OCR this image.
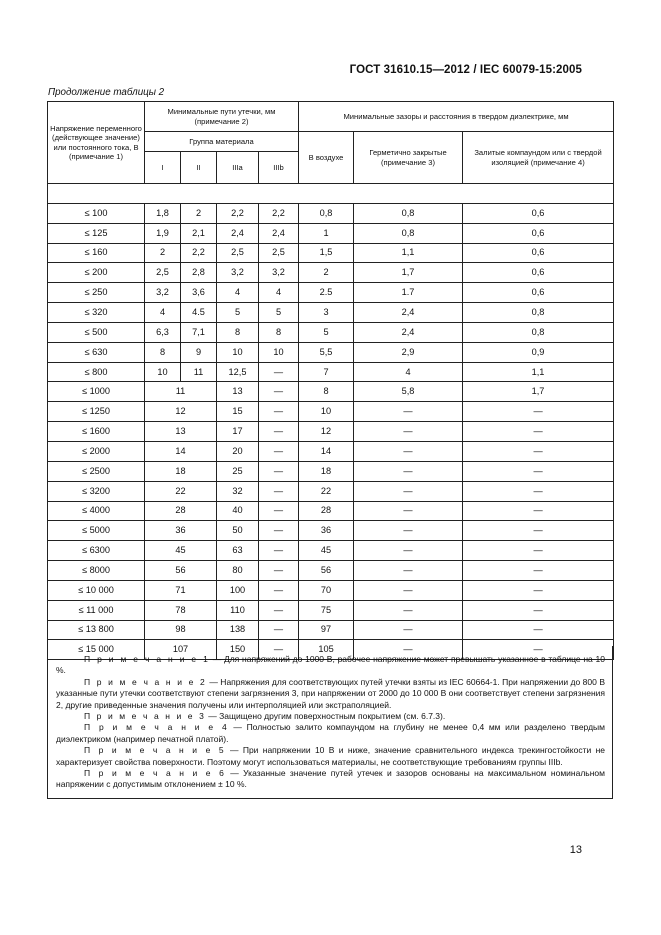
ГОСТ 31610.15—2012 / IEC 60079-15:2005
Продолжение таблицы 2
Напряжение переменного (действующее значение) или постоянного тока, В (примечание 1)	Минимальные пути утечки, мм (примечание 2)				Минимальные зазоры и расстояния в твердом диэлектрике, мм		
	Группа материала				В воздухе	Герметично закрытые (примечание 3)	Залитые компаундом или с твердой изоляцией (примечание 4)
	I	II	IIIa	IIIb			

≤ 100	1,8	2	2,2	2,2	0,8	0,8	0,6
≤ 125	1,9	2,1	2,4	2,4	1	0,8	0,6
≤ 160	2	2,2	2,5	2,5	1,5	1,1	0,6
≤ 200	2,5	2,8	3,2	3,2	2	1,7	0,6
≤ 250	3,2	3,6	4	4	2.5	1.7	0,6
≤ 320	4	4.5	5	5	3	2,4	0,8
≤ 500	6,3	7,1	8	8	5	2,4	0,8
≤ 630	8	9	10	10	5,5	2,9	0,9
≤ 800	10	11	12,5	—	7	4	1,1
≤ 1000	11		13	—	8	5,8	1,7
≤ 1250	12		15	—	10	—	—
≤ 1600	13		17	—	12	—	—
≤ 2000	14		20	—	14	—	—
≤ 2500	18		25	—	18	—	—
≤ 3200	22		32	—	22	—	—
≤ 4000	28		40	—	28	—	—
≤ 5000	36		50	—	36	—	—
≤ 6300	45		63	—	45	—	—
≤ 8000	56		80	—	56	—	—
≤ 10 000	71		100	—	70	—	—
≤ 11 000	78		110	—	75	—	—
≤ 13 800	98		138	—	97	—	—
≤ 15 000	107		150	—	105	—	—

П р и м е ч а н и е 1 — Для напряжений до 1000 В, рабочее напряжение может превышать указанное в таблице на 10 %.

П р и м е ч а н и е 2 — Напряжения для соответствующих путей утечки взяты из IEC 60664-1. При напряжении до 800 В указанные пути утечки соответствуют степени загрязнения 3, при напряжении от 2000 до 10 000 В они соответствует степени загрязнения 2, другие приведенные значения получены или интерполяцией или экстраполяцией.

П р и м е ч а н и е 3 — Защищено другим поверхностным покрытием (см. 6.7.3).

П р и м е ч а н и е 4 — Полностью залито компаундом на глубину не менее 0,4 мм или разделено твердым диэлектриком (например печатной платой).

П р и м е ч а н и е 5 — При напряжении 10 В и ниже, значение сравнительного индекса трекингостойкости не характеризует свойства поверхности. Поэтому могут использоваться материалы, не соответствующие требованиям группы IIIb.

П р и м е ч а н и е 6 — Указанные значение путей утечек и зазоров основаны на максимальном номинальном напряжении с допустимым отклонением ± 10 %.

13
